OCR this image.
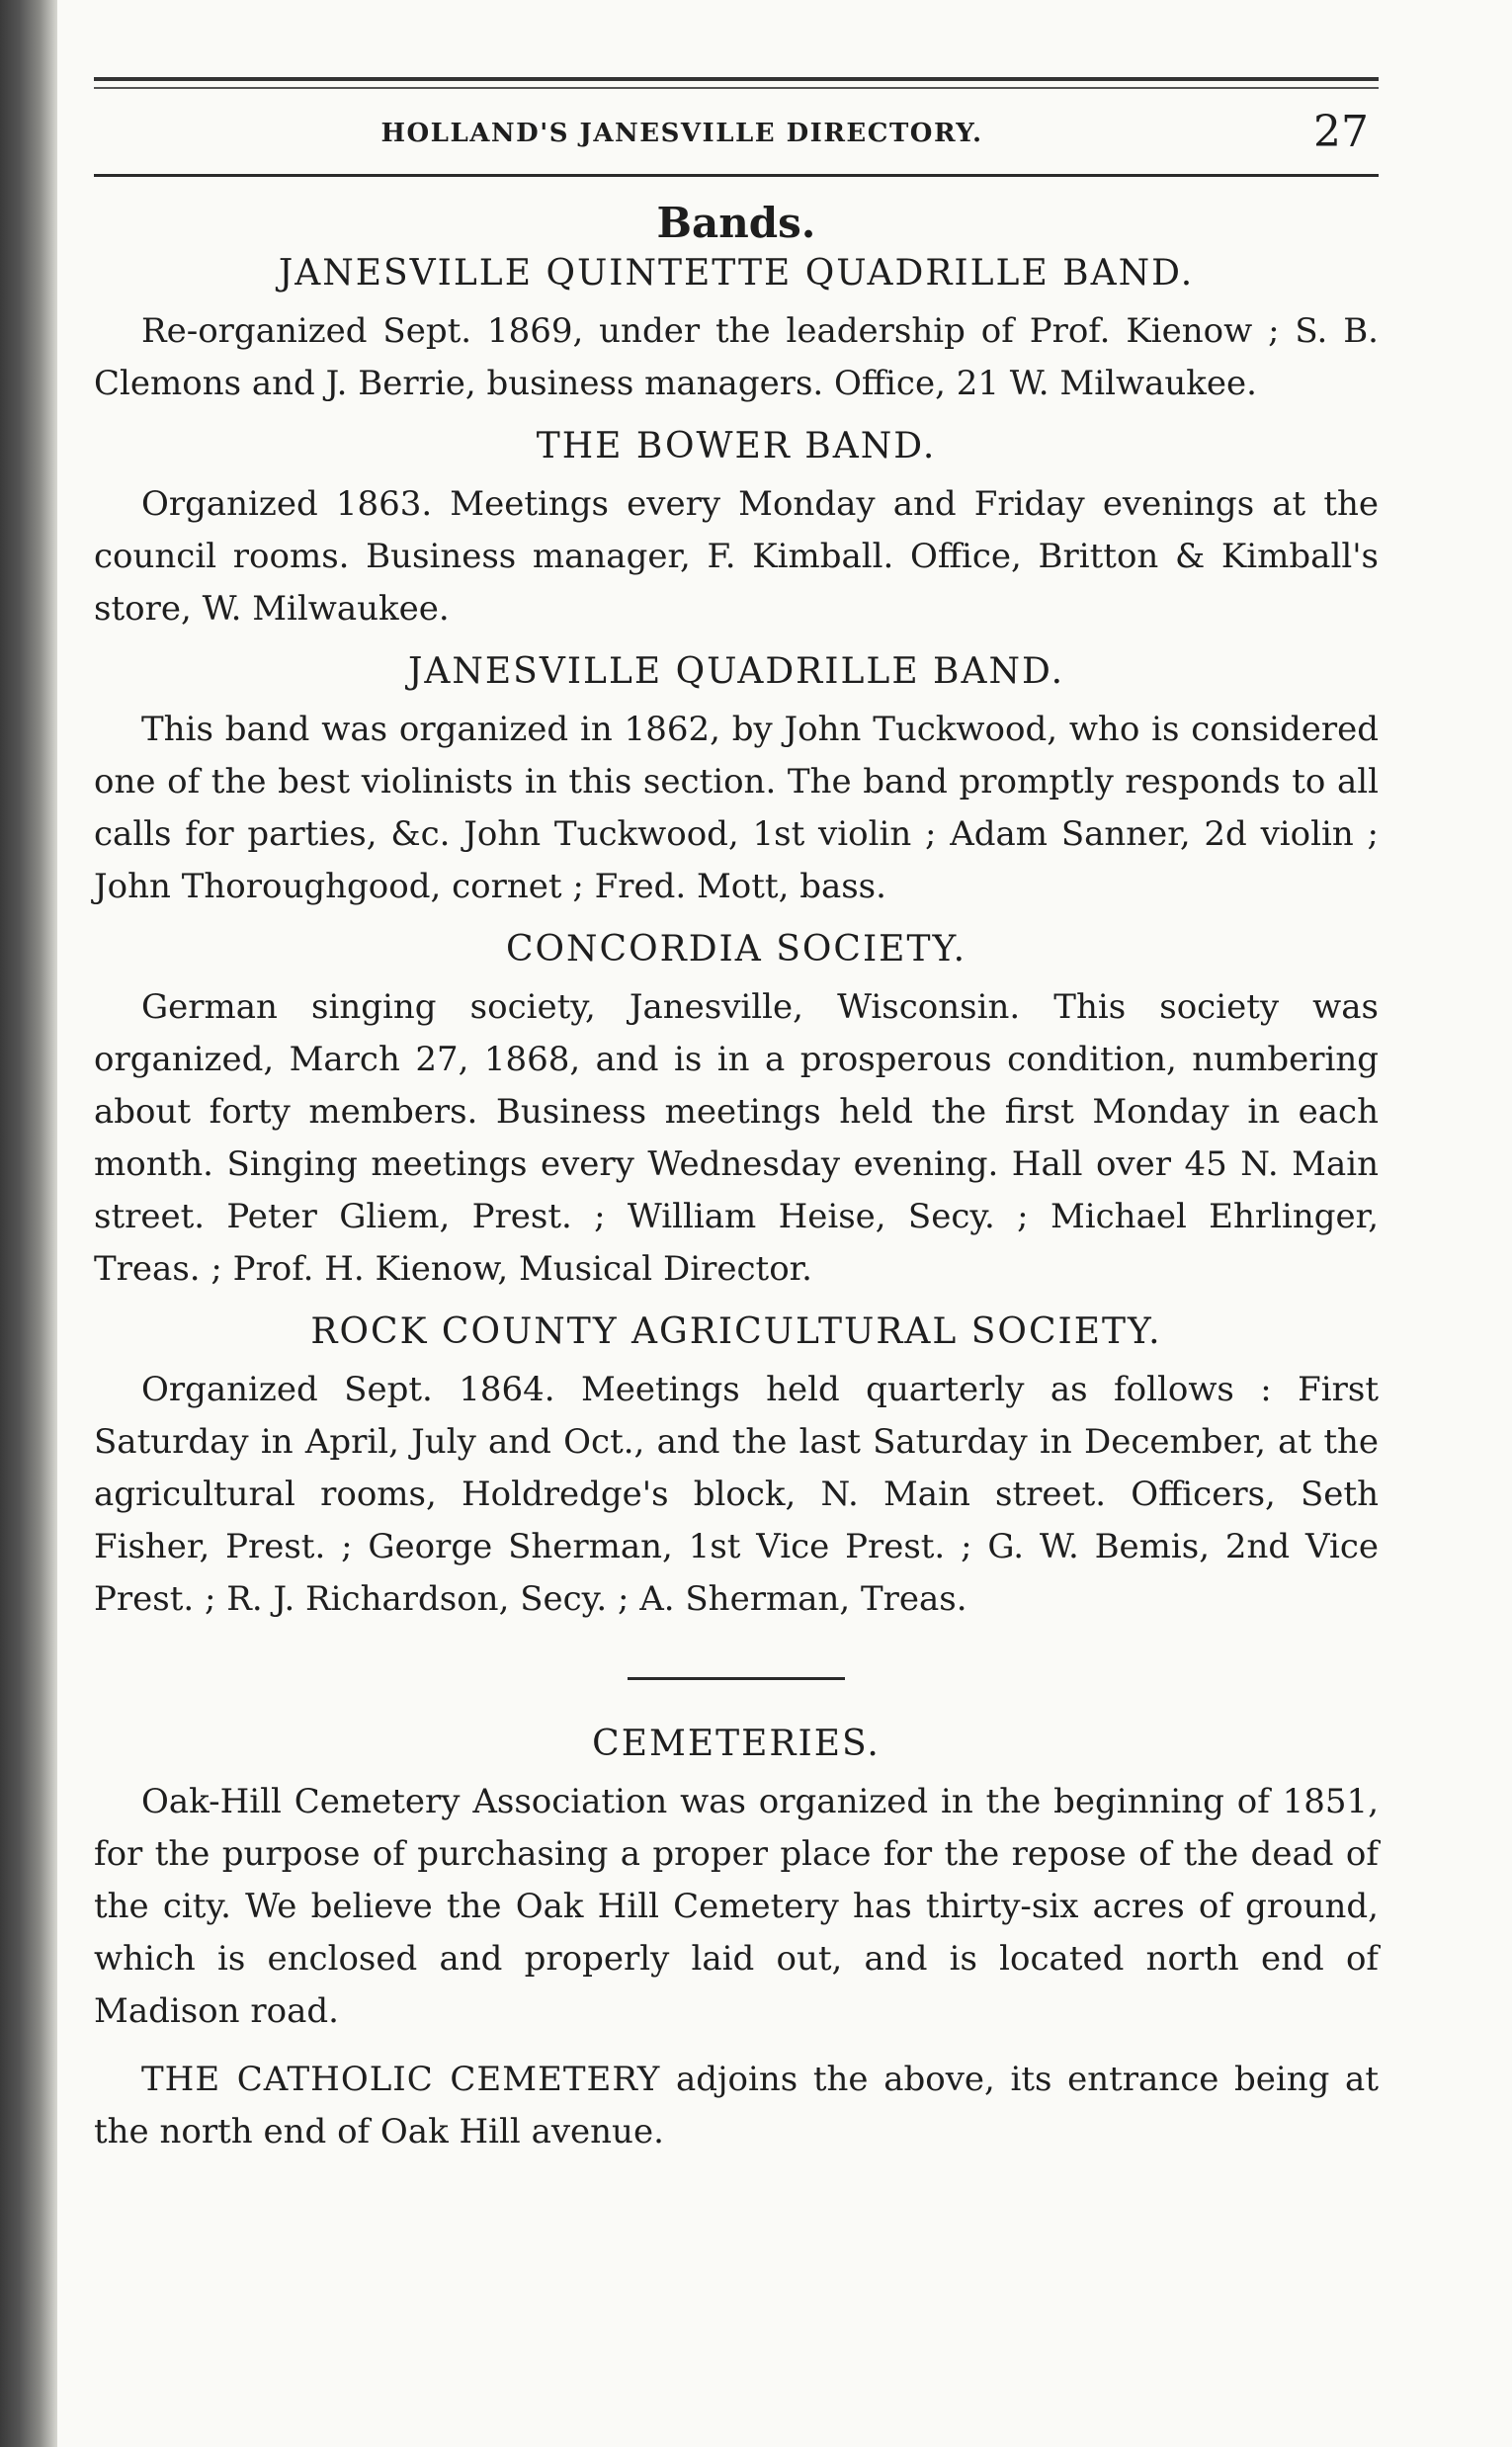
HOLLAND'S JANESVILLE DIRECTORY.	27
Bands.
JANESVILLE QUINTETTE QUADRILLE BAND.

Re-organized Sept. 1869, under the leadership of Prof. Kienow ; S. B. Clemons and J. Berrie, business managers. Office, 21 W. Milwaukee.

THE BOWER BAND.

Organized 1863. Meetings every Monday and Friday evenings at the council rooms. Business manager, F. Kimball. Office, Britton & Kimball's store, W. Milwaukee.

JANESVILLE QUADRILLE BAND.

This band was organized in 1862, by John Tuckwood, who is considered one of the best violinists in this section. The band promptly responds to all calls for parties, &c. John Tuckwood, 1st violin ; Adam Sanner, 2d violin ; John Thoroughgood, cornet ; Fred. Mott, bass.

CONCORDIA SOCIETY.

German singing society, Janesville, Wisconsin. This society was organized, March 27, 1868, and is in a prosperous condition, numbering about forty members. Business meetings held the first Monday in each month. Singing meetings every Wednesday evening. Hall over 45 N. Main street. Peter Gliem, Prest. ; William Heise, Secy. ; Michael Ehrlinger, Treas. ; Prof. H. Kienow, Musical Director.

ROCK COUNTY AGRICULTURAL SOCIETY.

Organized Sept. 1864. Meetings held quarterly as follows : First Saturday in April, July and Oct., and the last Saturday in December, at the agricultural rooms, Holdredge's block, N. Main street. Officers, Seth Fisher, Prest. ; George Sherman, 1st Vice Prest. ; G. W. Bemis, 2nd Vice Prest. ; R. J. Richardson, Secy. ; A. Sherman, Treas.

CEMETERIES.

Oak-Hill Cemetery Association was organized in the beginning of 1851, for the purpose of purchasing a proper place for the repose of the dead of the city. We believe the Oak Hill Cemetery has thirty-six acres of ground, which is enclosed and properly laid out, and is located north end of Madison road.

THE CATHOLIC CEMETERY adjoins the above, its entrance being at the north end of Oak Hill avenue.
